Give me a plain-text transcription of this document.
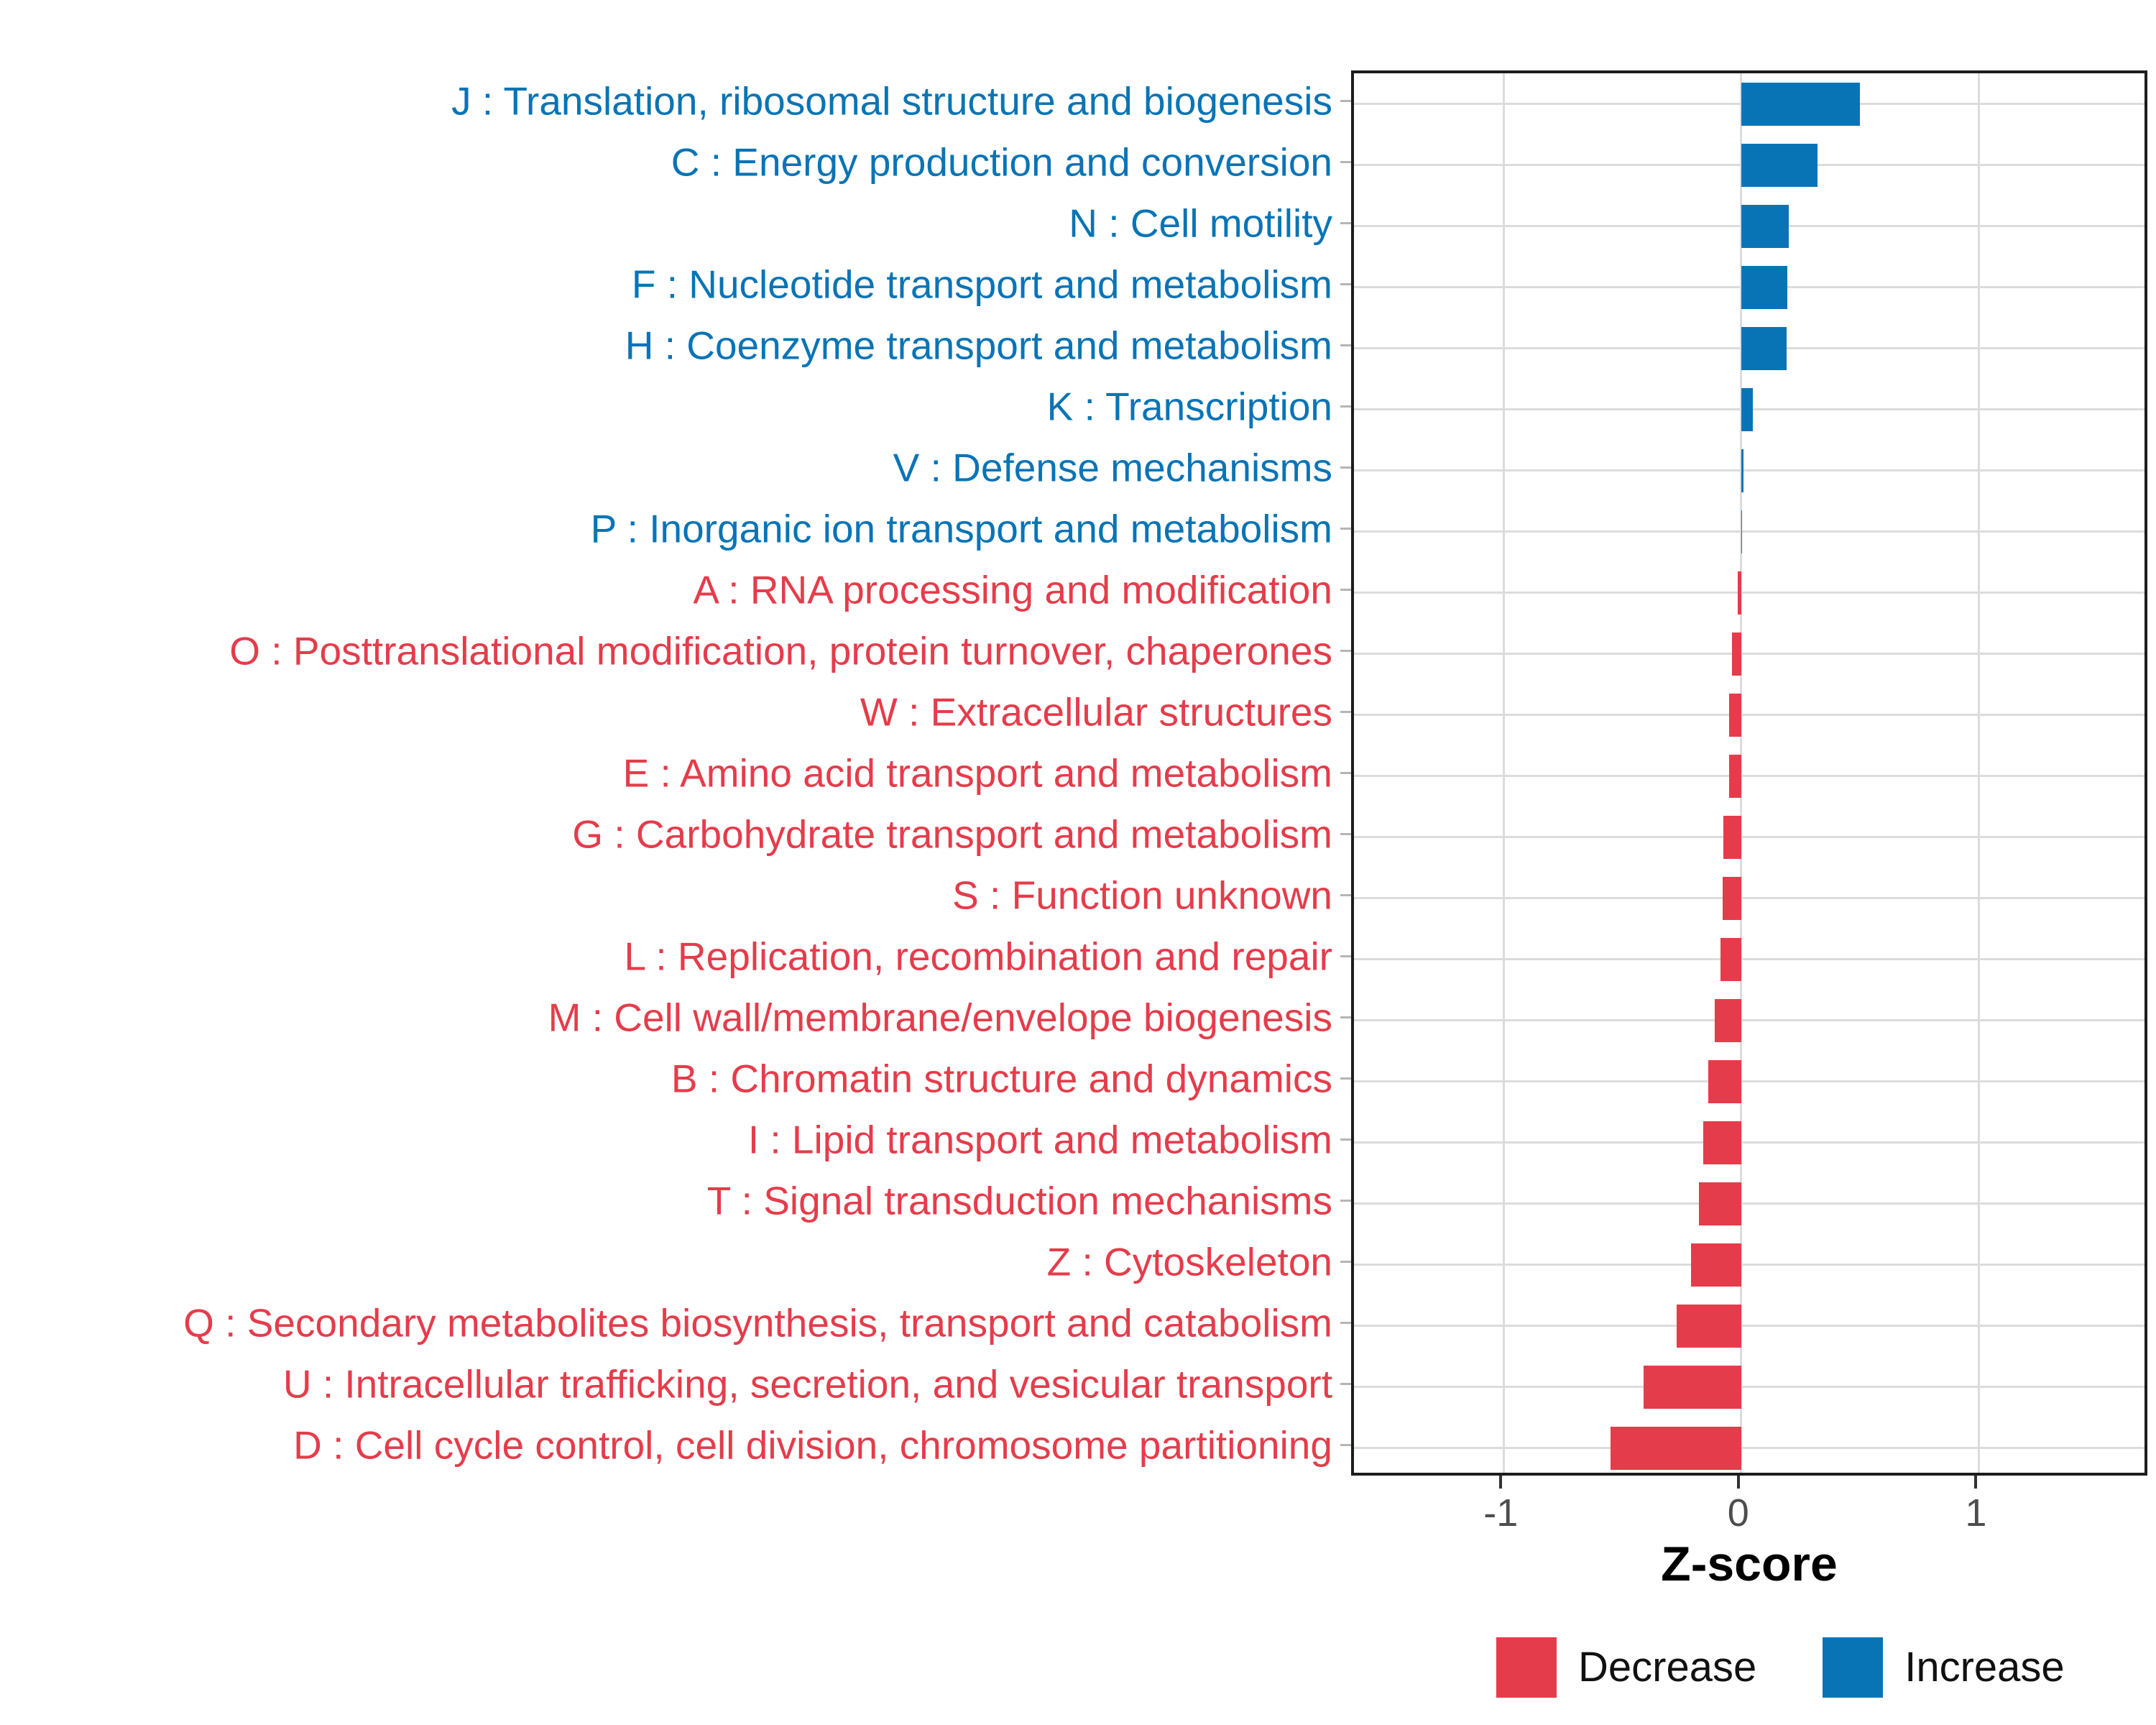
Z-score
Decrease	Increase
-1	0	1
J : Translation, ribosomal structure and biogenesis
C : Energy production and conversion
N : Cell motility
F : Nucleotide transport and metabolism
H : Coenzyme transport and metabolism
K : Transcription
V : Defense mechanisms
P : Inorganic ion transport and metabolism
A : RNA processing and modification
O : Posttranslational modification, protein turnover, chaperones
W : Extracellular structures
E : Amino acid transport and metabolism
G : Carbohydrate transport and metabolism
S : Function unknown
L : Replication, recombination and repair
M : Cell wall/membrane/envelope biogenesis
B : Chromatin structure and dynamics
I : Lipid transport and metabolism
T : Signal transduction mechanisms
Z : Cytoskeleton
Q : Secondary metabolites biosynthesis, transport and catabolism
U : Intracellular trafficking, secretion, and vesicular transport
D : Cell cycle control, cell division, chromosome partitioning
